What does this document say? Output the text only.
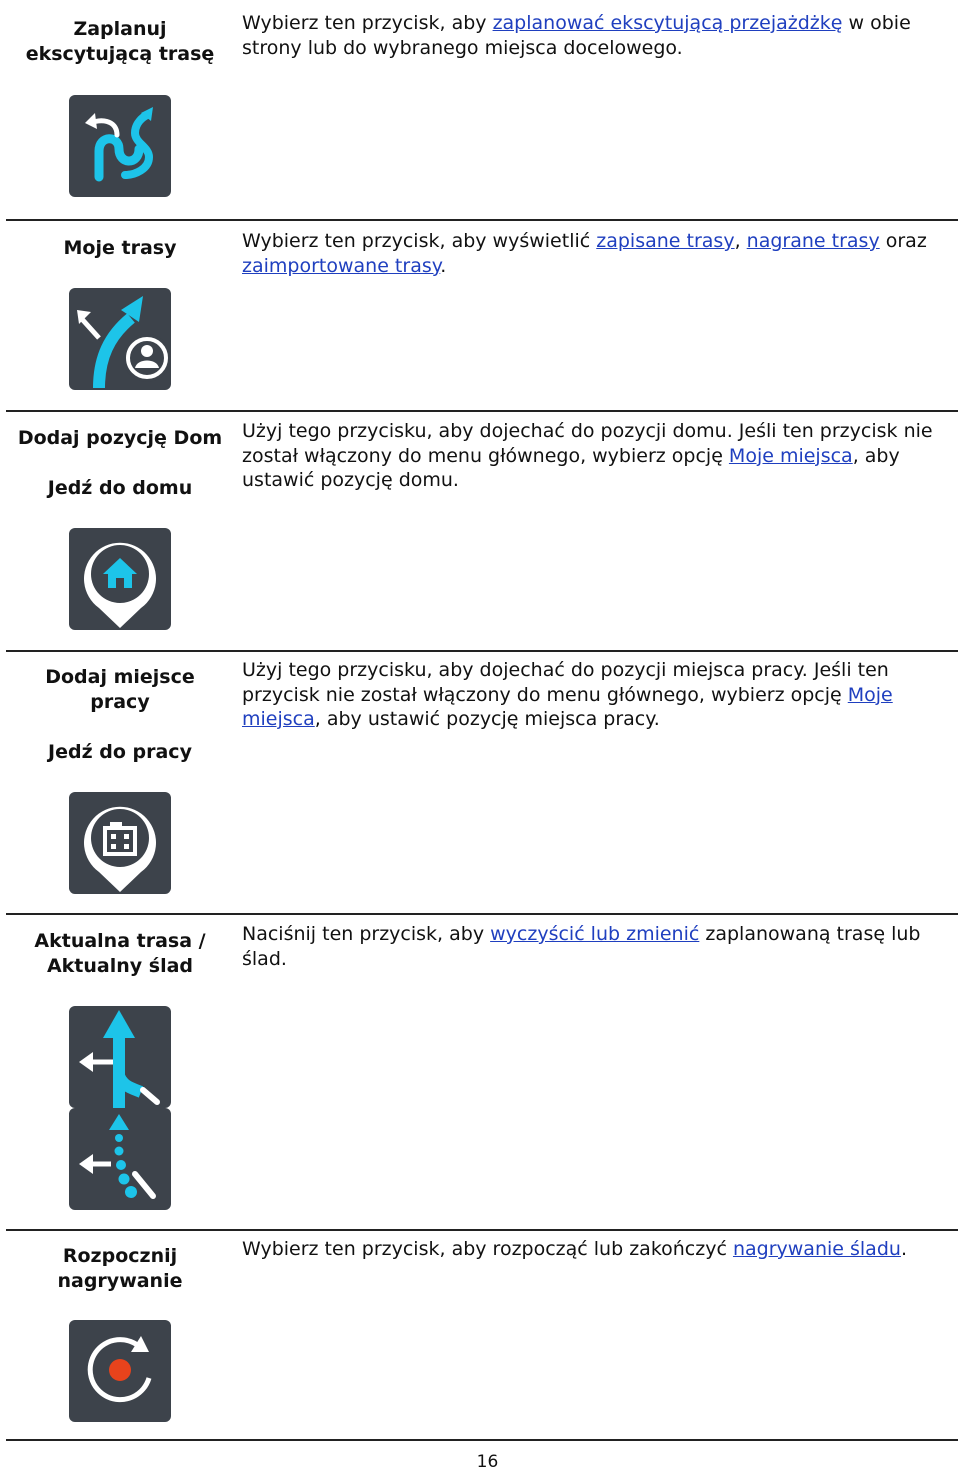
Zaplanuj
ekscytującą trasę
Wybierz ten przycisk, aby zaplanować ekscytującą przejażdżkę w obie strony lub do wybranego miejsca docelowego.
Moje trasy	Wybierz ten przycisk, aby wyświetlić zapisane trasy, nagrane trasy oraz zaimportowane trasy.
Dodaj pozycję Dom

Jedź do domu
Użyj tego przycisku, aby dojechać do pozycji domu. Jeśli ten przycisk nie został włączony do menu głównego, wybierz opcję Moje miejsca, aby ustawić pozycję domu.
Dodaj miejsce
pracy

Jedź do pracy
Użyj tego przycisku, aby dojechać do pozycji miejsca pracy. Jeśli ten przycisk nie został włączony do menu głównego, wybierz opcję Moje miejsca, aby ustawić pozycję miejsca pracy.
Aktualna trasa /
Aktualny ślad
Naciśnij ten przycisk, aby wyczyścić lub zmienić zaplanowaną trasę lub ślad.
Rozpocznij
nagrywanie
Wybierz ten przycisk, aby rozpocząć lub zakończyć nagrywanie śladu.
16
